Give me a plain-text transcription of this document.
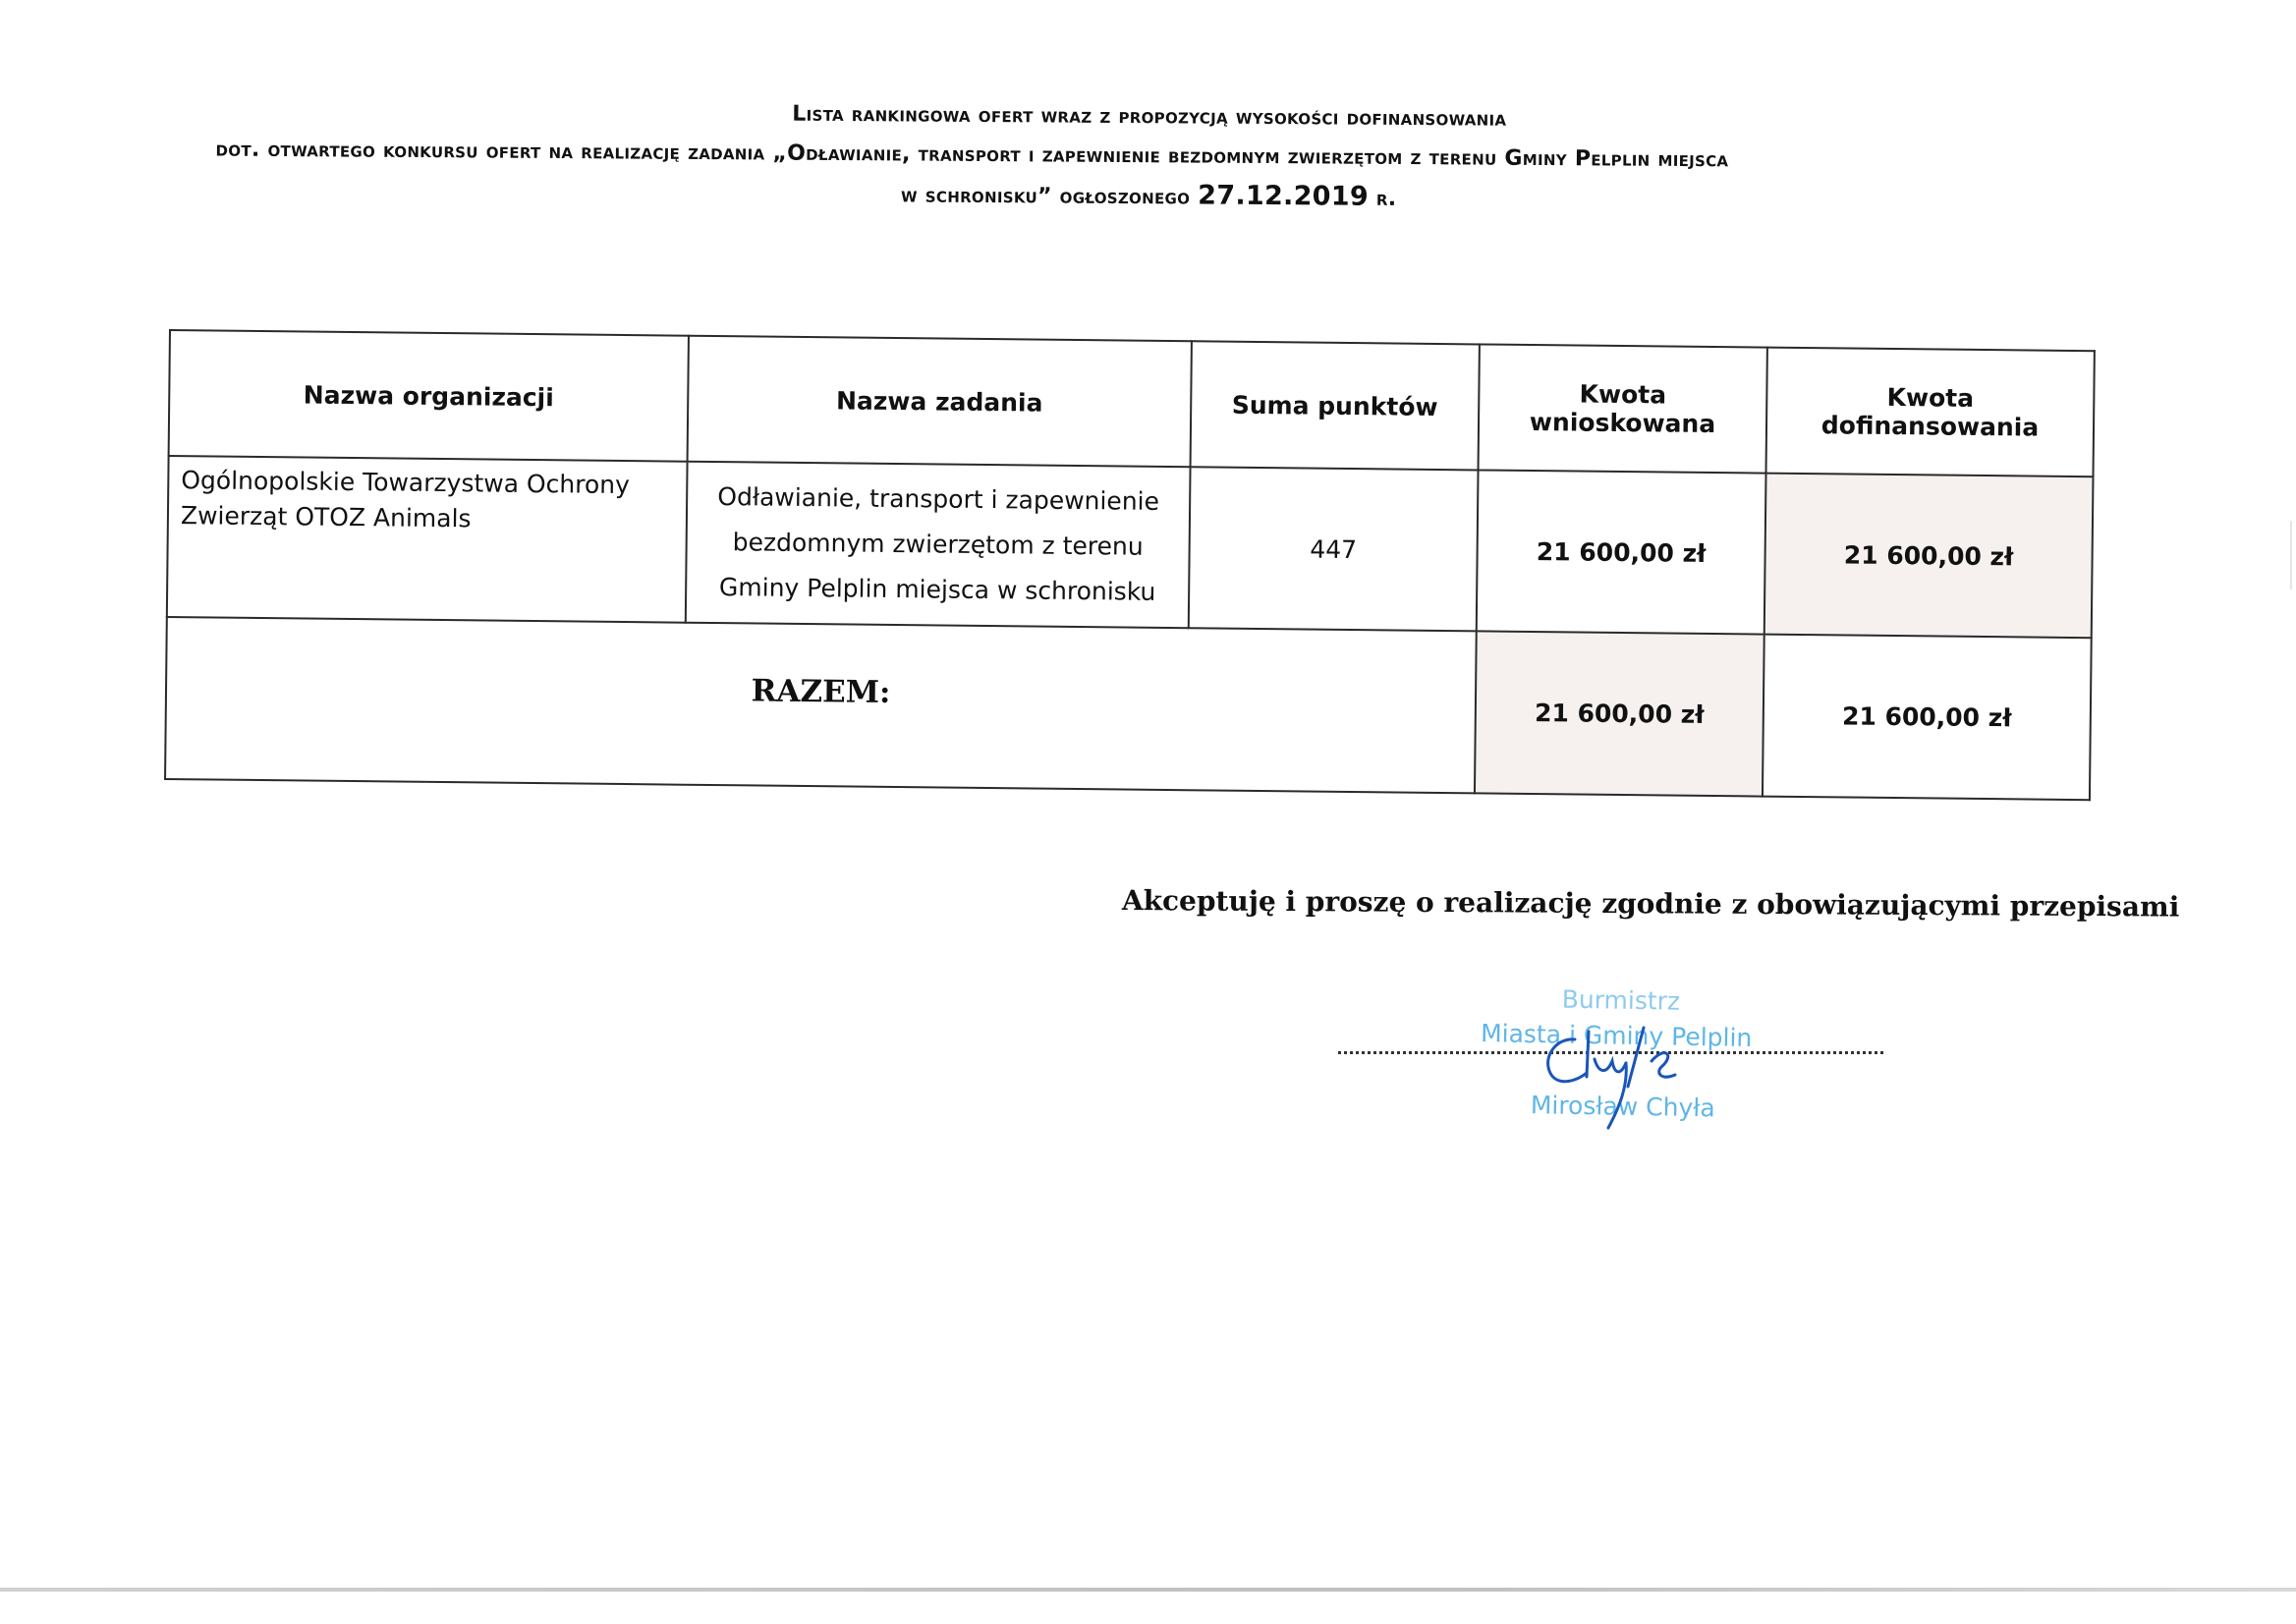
Lista rankingowa ofert wraz z propozycją wysokości dofinansowania
dot. otwartego konkursu ofert na realizację zadania „Odławianie, transport i zapewnienie bezdomnym zwierzętom z terenu Gminy Pelplin miejsca
w schronisku” ogłoszonego 27.12.2019 r.
Nazwa organizacji	Nazwa zadania	Suma punktów	Kwota wnioskowana	Kwota dofinansowania
Ogólnopolskie Towarzystwa Ochrony Zwierząt OTOZ Animals	Odławianie, transport i zapewnienie bezdomnym zwierzętom z terenu Gminy Pelplin miejsca w schronisku	447	21 600,00 zł	21 600,00 zł
RAZEM:			21 600,00 zł	21 600,00 zł
Akceptuję i proszę o realizację zgodnie z obowiązującymi przepisami
Burmistrz
Miasta i Gminy Pelplin
Mirosław Chyła
